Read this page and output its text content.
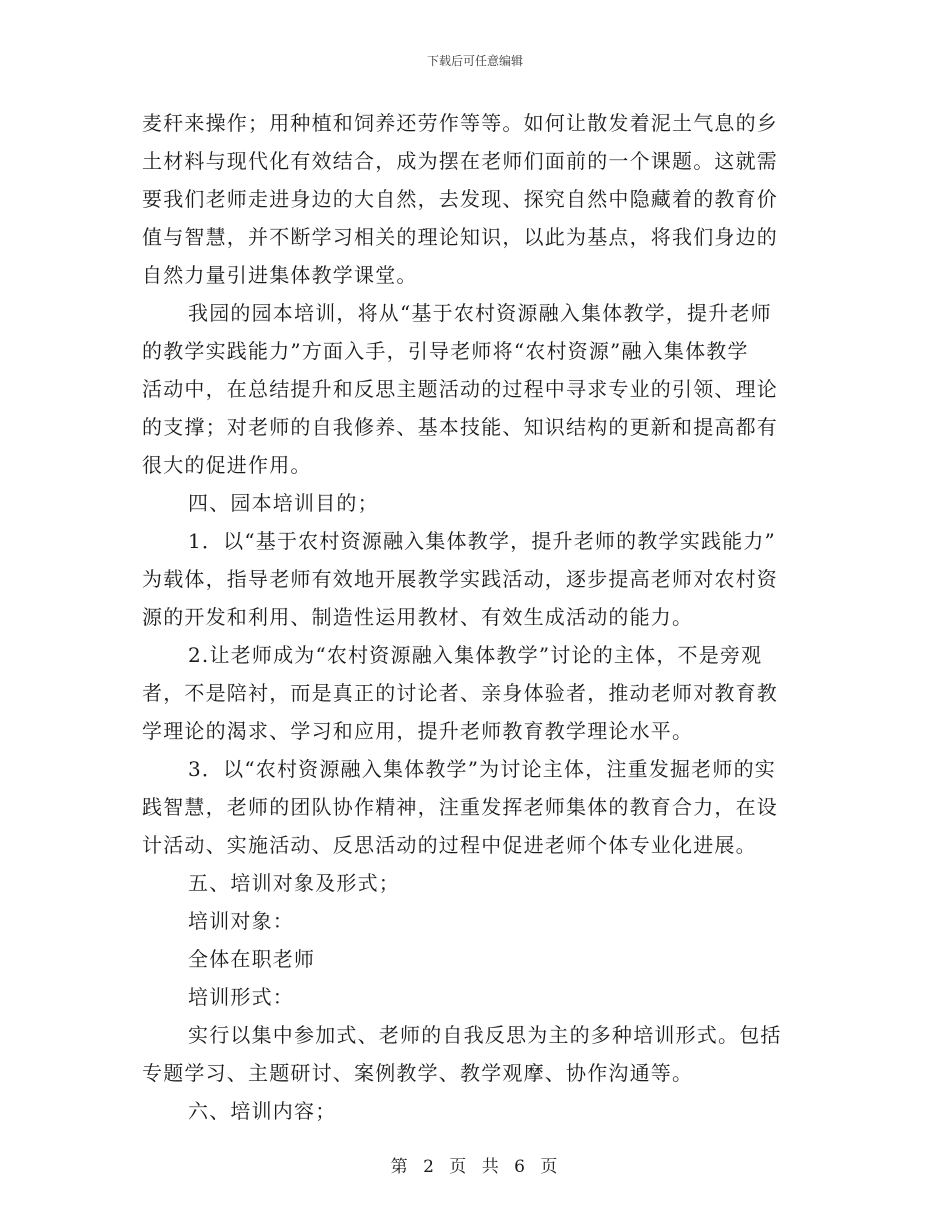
下载后可任意编辑
麦秆来操作；用种植和饲养还劳作等等。如何让散发着泥土气息的乡
土材料与现代化有效结合，成为摆在老师们面前的一个课题。这就需
要我们老师走进身边的大自然，去发现、探究自然中隐藏着的教育价
值与智慧，并不断学习相关的理论知识，以此为基点，将我们身边的
自然力量引进集体教学课堂。
我园的园本培训，将从“基于农村资源融入集体教学，提升老师
的教学实践能力”方面入手，引导老师将“农村资源”融入集体教学
活动中，在总结提升和反思主题活动的过程中寻求专业的引领、理论
的支撑；对老师的自我修养、基本技能、知识结构的更新和提高都有
很大的促进作用。
四、园本培训目的；
1．以“基于农村资源融入集体教学，提升老师的教学实践能力”
为载体，指导老师有效地开展教学实践活动，逐步提高老师对农村资
源的开发和利用、制造性运用教材、有效生成活动的能力。
2.让老师成为“农村资源融入集体教学”讨论的主体，不是旁观
者，不是陪衬，而是真正的讨论者、亲身体验者，推动老师对教育教
学理论的渴求、学习和应用，提升老师教育教学理论水平。
3．以“农村资源融入集体教学”为讨论主体，注重发掘老师的实
践智慧，老师的团队协作精神，注重发挥老师集体的教育合力，在设
计活动、实施活动、反思活动的过程中促进老师个体专业化进展。
五、培训对象及形式；
培训对象：
全体在职老师
培训形式：
实行以集中参加式、老师的自我反思为主的多种培训形式。包括
专题学习、主题研讨、案例教学、教学观摩、协作沟通等。
六、培训内容；
第 2 页 共 6 页
